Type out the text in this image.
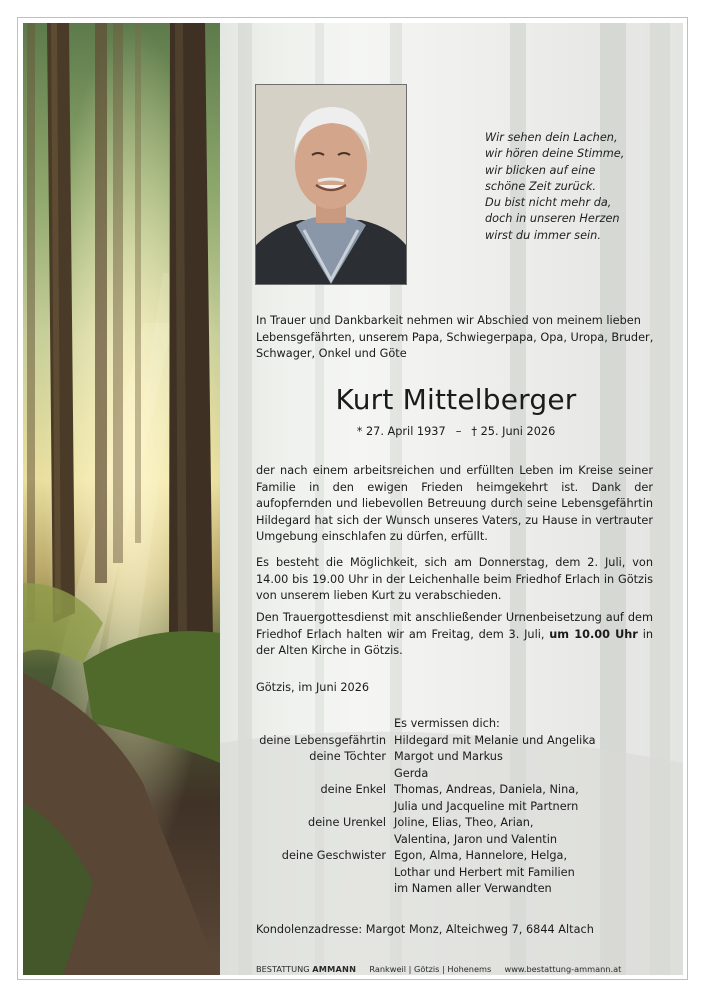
Wir sehen dein Lachen,
wir hören deine Stimme,
wir blicken auf eine
schöne Zeit zurück.
Du bist nicht mehr da,
doch in unseren Herzen
wirst du immer sein.
In Trauer und Dankbarkeit nehmen wir Abschied von meinem lieben Lebensgefährten, unserem Papa, Schwiegerpapa, Opa, Uropa, Bruder, Schwager, Onkel und Göte
Kurt Mittelberger
* 27. April 1937 – † 25. Juni 2026
der nach einem arbeitsreichen und erfüllten Leben im Kreise seiner Familie in den ewigen Frieden heimgekehrt ist. Dank der aufopfernden und liebevollen Betreuung durch seine Lebensgefährtin Hildegard hat sich der Wunsch unseres Vaters, zu Hause in vertrauter Umgebung einschlafen zu dürfen, erfüllt.
Es besteht die Möglichkeit, sich am Donnerstag, dem 2. Juli, von 14.00 bis 19.00 Uhr in der Leichenhalle beim Friedhof Erlach in Götzis von unserem lieben Kurt zu verabschieden.
Den Trauergottesdienst mit anschließender Urnenbeisetzung auf dem Friedhof Erlach halten wir am Freitag, dem 3. Juli, um 10.00 Uhr in der Alten Kirche in Götzis.
Götzis, im Juni 2026
Es vermissen dich:
deine Lebensgefährtin Hildegard mit Melanie und Angelika
deine Töchter Margot und Markus
Gerda
deine Enkel Thomas, Andreas, Daniela, Nina,
Julia und Jacqueline mit Partnern
deine Urenkel Joline, Elias, Theo, Arian,
Valentina, Jaron und Valentin
deine Geschwister Egon, Alma, Hannelore, Helga,
Lothar und Herbert mit Familien
im Namen aller Verwandten
Kondolenzadresse: Margot Monz, Alteichweg 7, 6844 Altach
BESTATTUNG AMMANN Rankweil | Götzis | Hohenems www.bestattung-ammann.at
